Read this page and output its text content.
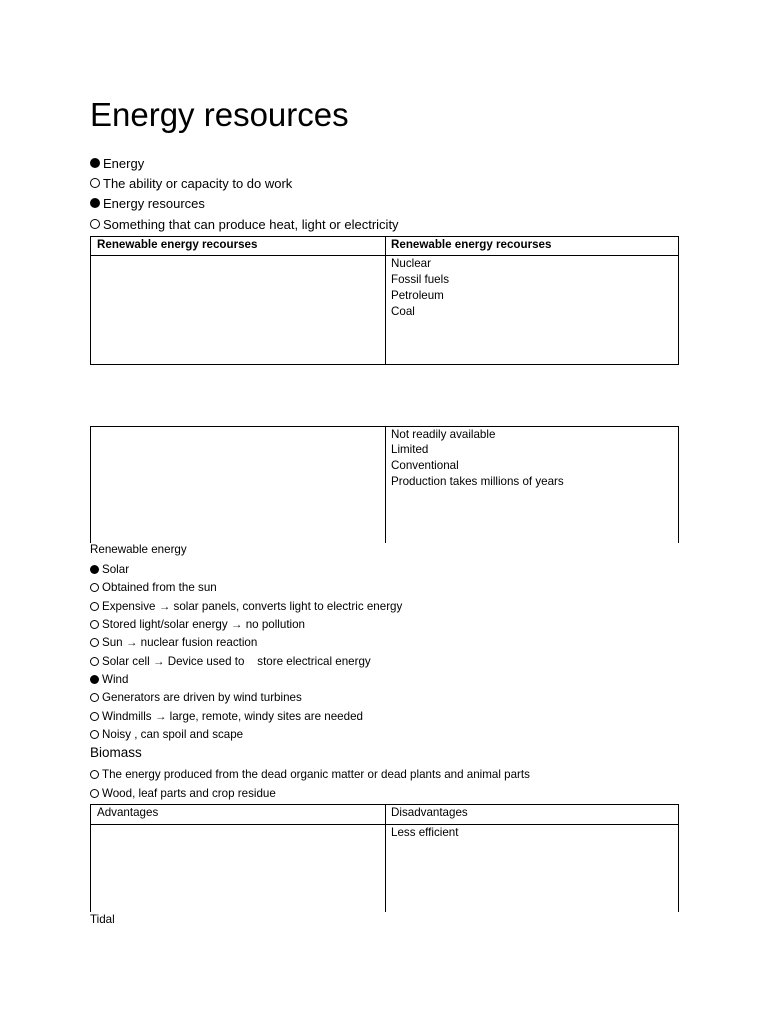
Energy resources
Energy
The ability or capacity to do work
Energy resources
Something that can produce heat, light or electricity
Renewable energy recourses	Renewable energy recourses
Nuclear
Fossil fuels
Petroleum
Coal
Not readily available
Limited
Conventional
Production takes millions of years
Renewable energy
Solar
Obtained from the sun
Expensive → solar panels, converts light to electric energy
Stored light/solar energy → no pollution
Sun → nuclear fusion reaction
Solar cell → Device used to    store electrical energy
Wind
Generators are driven by wind turbines
Windmills → large, remote, windy sites are needed
Noisy , can spoil and scape
Biomass
The energy produced from the dead organic matter or dead plants and animal parts
Wood, leaf parts and crop residue
Advantages	Disadvantages
Less efficient
Tidal
